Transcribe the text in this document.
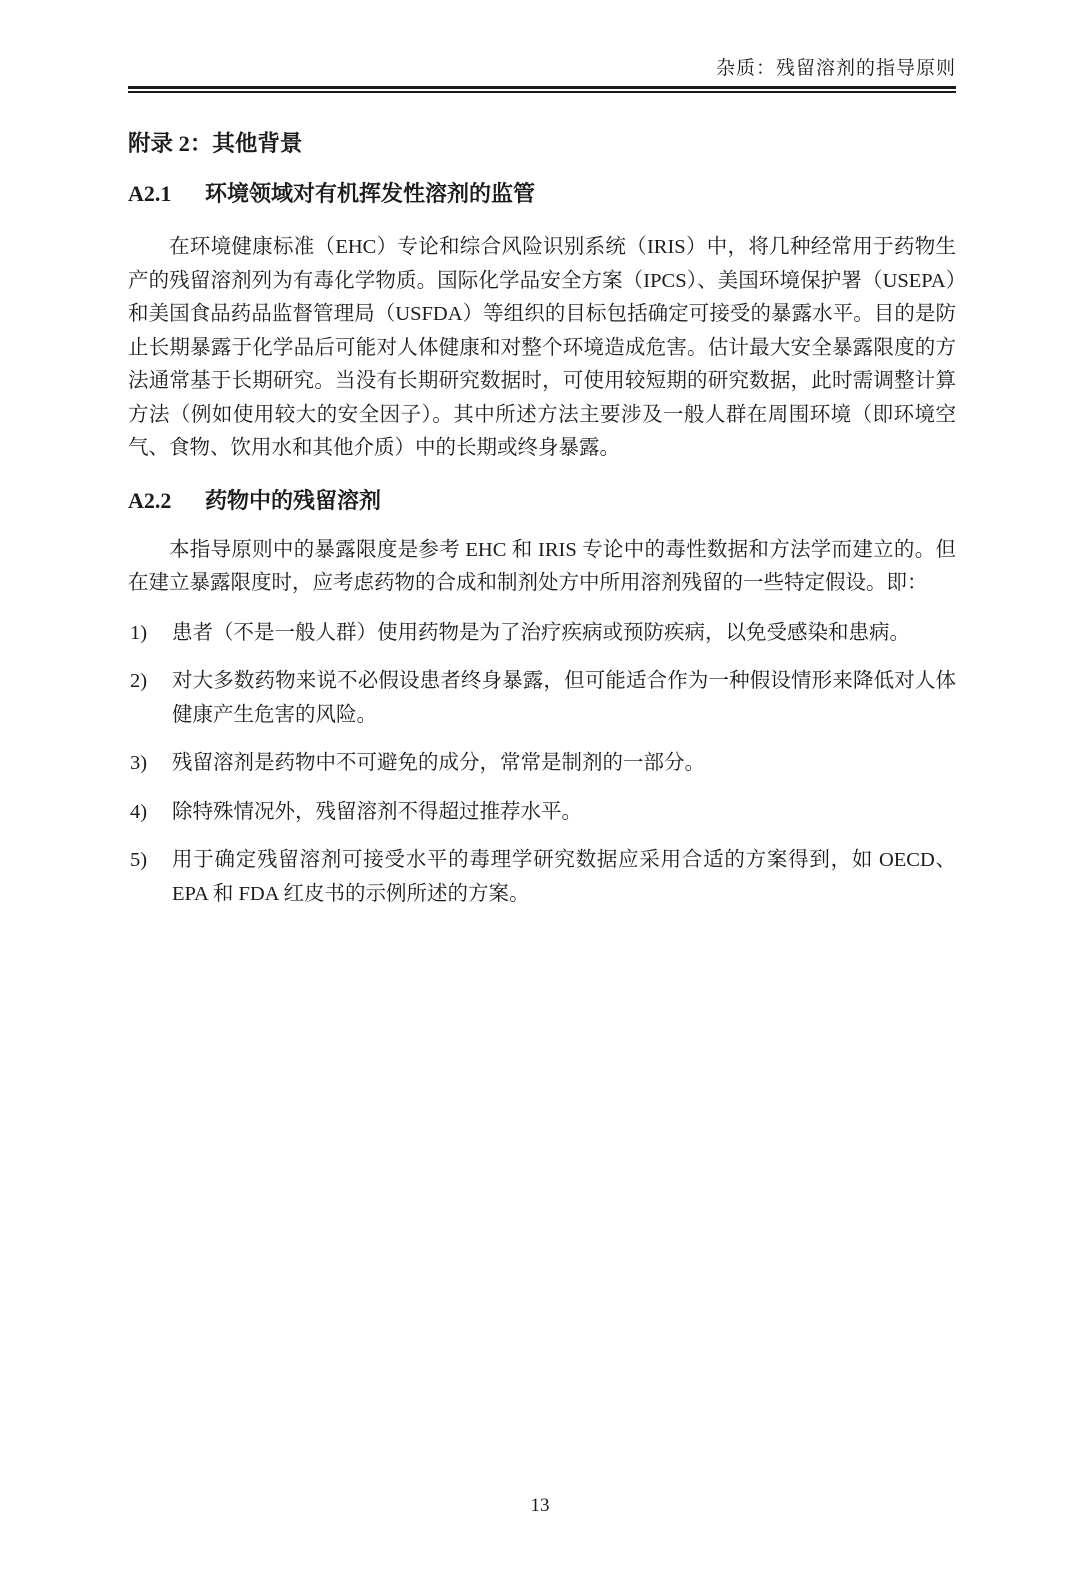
杂质：残留溶剂的指导原则
附录 2：其他背景
A2.1 环境领域对有机挥发性溶剂的监管

在环境健康标准（EHC）专论和综合风险识别系统（IRIS）中，将几种经常用于药物生产的残留溶剂列为有毒化学物质。国际化学品安全方案（IPCS）、美国环境保护署（USEPA）和美国食品药品监督管理局（USFDA）等组织的目标包括确定可接受的暴露水平。目的是防止长期暴露于化学品后可能对人体健康和对整个环境造成危害。估计最大安全暴露限度的方法通常基于长期研究。当没有长期研究数据时，可使用较短期的研究数据，此时需调整计算方法（例如使用较大的安全因子）。其中所述方法主要涉及一般人群在周围环境（即环境空气、食物、饮用水和其他介质）中的长期或终身暴露。

A2.2 药物中的残留溶剂

本指导原则中的暴露限度是参考 EHC 和 IRIS 专论中的毒性数据和方法学而建立的。但在建立暴露限度时，应考虑药物的合成和制剂处方中所用溶剂残留的一些特定假设。即：

1) 患者（不是一般人群）使用药物是为了治疗疾病或预防疾病，以免受感染和患病。
2) 对大多数药物来说不必假设患者终身暴露，但可能适合作为一种假设情形来降低对人体健康产生危害的风险。
3) 残留溶剂是药物中不可避免的成分，常常是制剂的一部分。
4) 除特殊情况外，残留溶剂不得超过推荐水平。
5) 用于确定残留溶剂可接受水平的毒理学研究数据应采用合适的方案得到，如 OECD、EPA 和 FDA 红皮书的示例所述的方案。
13
